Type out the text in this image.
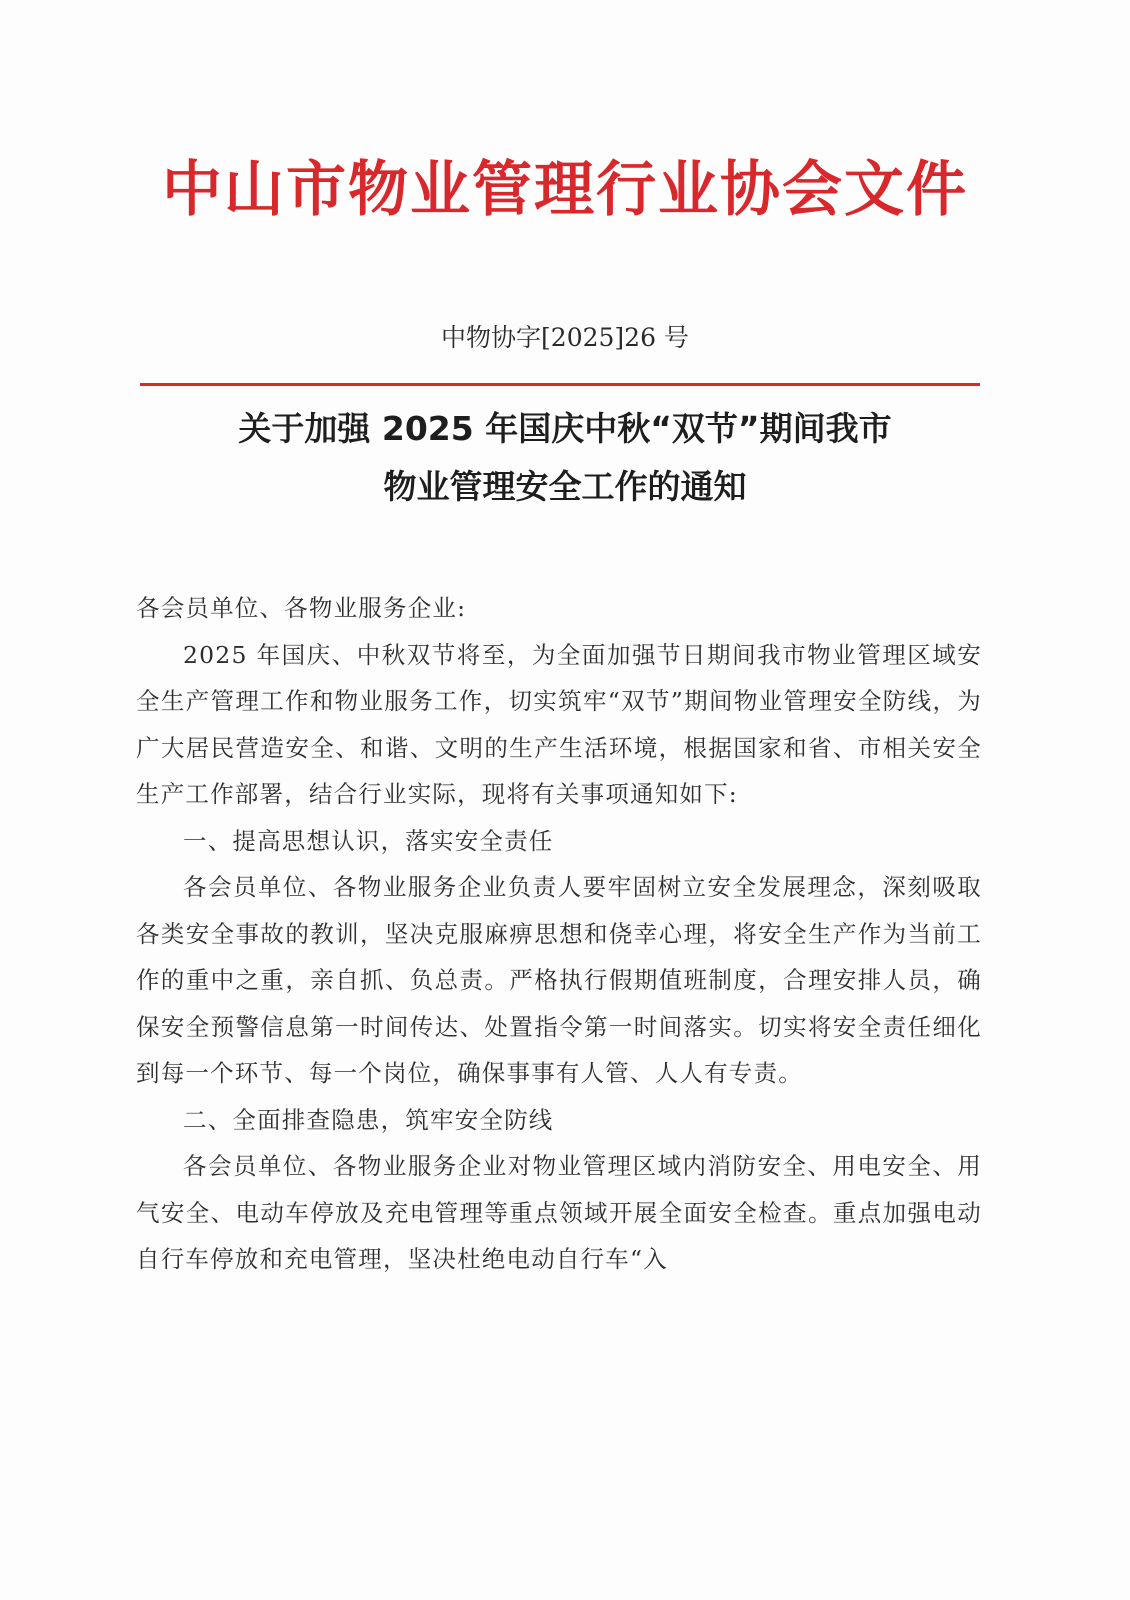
中山市物业管理行业协会文件
中物协字[2025]26 号
关于加强 2025 年国庆中秋“双节”期间我市
物业管理安全工作的通知

各会员单位、各物业服务企业:

2025 年国庆、中秋双节将至，为全面加强节日期间我市物业管理区域安全生产管理工作和物业服务工作，切实筑牢“双节”期间物业管理安全防线，为广大居民营造安全、和谐、文明的生产生活环境，根据国家和省、市相关安全生产工作部署，结合行业实际，现将有关事项通知如下:

一、提高思想认识，落实安全责任

各会员单位、各物业服务企业负责人要牢固树立安全发展理念，深刻吸取各类安全事故的教训，坚决克服麻痹思想和侥幸心理，将安全生产作为当前工作的重中之重，亲自抓、负总责。严格执行假期值班制度，合理安排人员，确保安全预警信息第一时间传达、处置指令第一时间落实。切实将安全责任细化到每一个环节、每一个岗位，确保事事有人管、人人有专责。

二、全面排查隐患，筑牢安全防线

各会员单位、各物业服务企业对物业管理区域内消防安全、用电安全、用气安全、电动车停放及充电管理等重点领域开展全面安全检查。重点加强电动自行车停放和充电管理，坚决杜绝电动自行车“入
